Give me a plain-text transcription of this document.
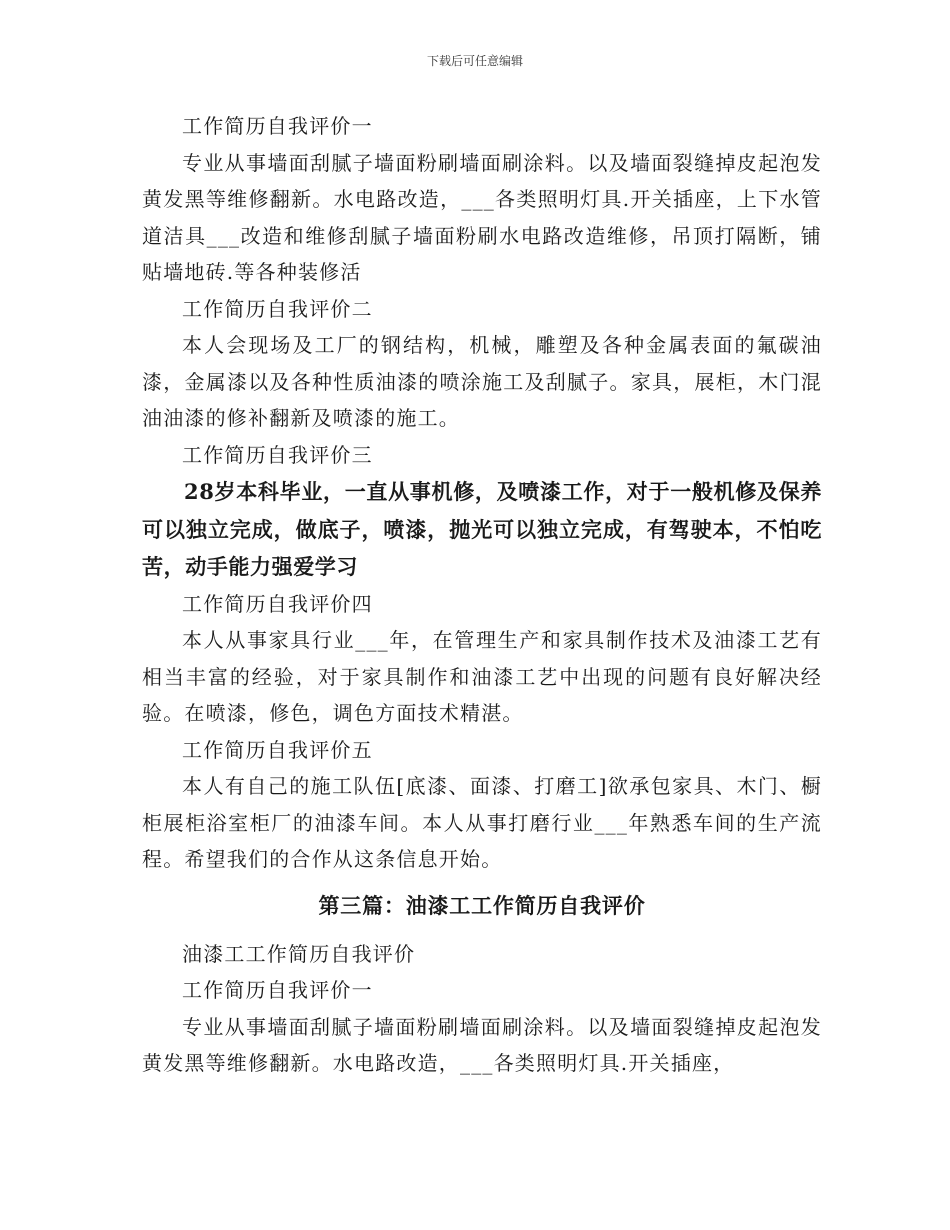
下载后可任意编辑

工作简历自我评价一

专业从事墙面刮腻子墙面粉刷墙面刷涂料。以及墙面裂缝掉皮起泡发黄发黑等维修翻新。水电路改造，___各类照明灯具.开关插座，上下水管道洁具___改造和维修刮腻子墙面粉刷水电路改造维修，吊顶打隔断，铺贴墙地砖.等各种装修活

工作简历自我评价二

本人会现场及工厂的钢结构，机械，雕塑及各种金属表面的氟碳油漆，金属漆以及各种性质油漆的喷涂施工及刮腻子。家具，展柜，木门混油油漆的修补翻新及喷漆的施工。

工作简历自我评价三

28岁本科毕业，一直从事机修，及喷漆工作，对于一般机修及保养可以独立完成，做底子，喷漆，抛光可以独立完成，有驾驶本，不怕吃苦，动手能力强爱学习

工作简历自我评价四

本人从事家具行业___年，在管理生产和家具制作技术及油漆工艺有相当丰富的经验，对于家具制作和油漆工艺中出现的问题有良好解决经验。在喷漆，修色，调色方面技术精湛。

工作简历自我评价五

本人有自己的施工队伍[底漆、面漆、打磨工]欲承包家具、木门、橱柜展柜浴室柜厂的油漆车间。本人从事打磨行业___年熟悉车间的生产流程。希望我们的合作从这条信息开始。

第三篇：油漆工工作简历自我评价

油漆工工作简历自我评价

工作简历自我评价一

专业从事墙面刮腻子墙面粉刷墙面刷涂料。以及墙面裂缝掉皮起泡发黄发黑等维修翻新。水电路改造，___各类照明灯具.开关插座，
